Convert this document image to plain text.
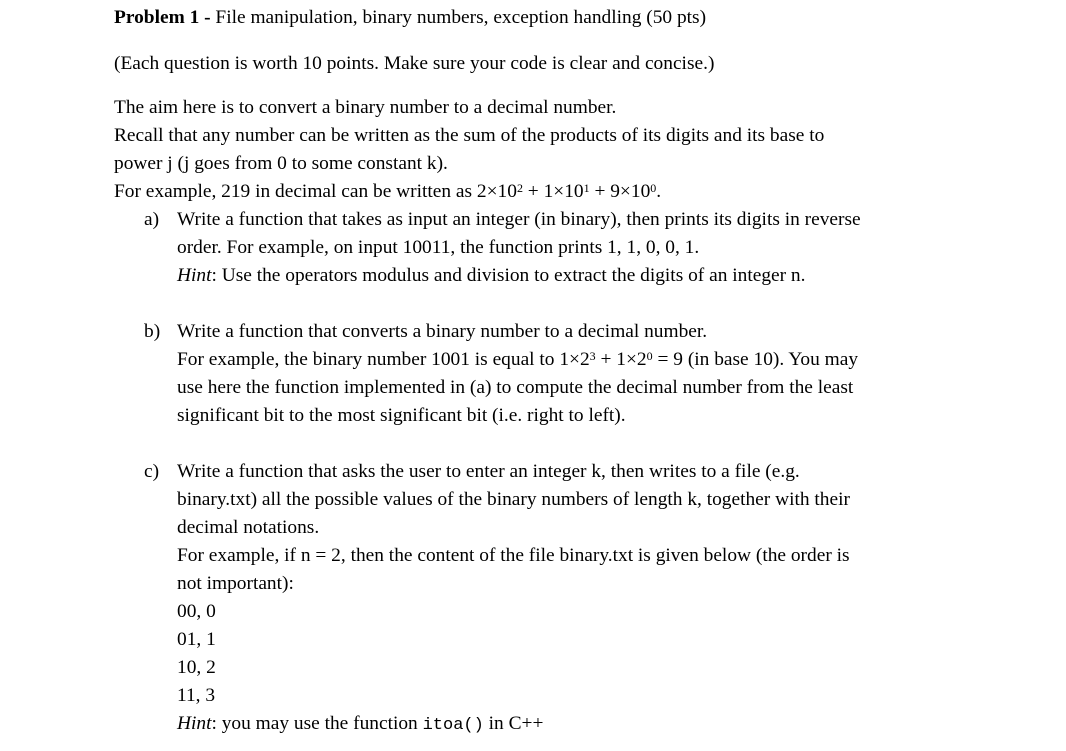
Problem 1 - File manipulation, binary numbers, exception handling (50 pts)
(Each question is worth 10 points. Make sure your code is clear and concise.)
The aim here is to convert a binary number to a decimal number.
Recall that any number can be written as the sum of the products of its digits and its base to
power j (j goes from 0 to some constant k).
For example, 219 in decimal can be written as $2\times 10^2 + 1\times 10^1 + 9\times 10^0$.
a) Write a function that takes as input an integer (in binary), then prints its digits in reverse
order. For example, on input 10011, the function prints 1, 1, 0, 0, 1.
Hint: Use the operators modulus and division to extract the digits of an integer n.
b) Write a function that converts a binary number to a decimal number.
For example, the binary number 1001 is equal to $1\times 2^3 + 1\times 2^0 = 9$ (in base 10). You may
use here the function implemented in (a) to compute the decimal number from the least
significant bit to the most significant bit (i.e. right to left).
c) Write a function that asks the user to enter an integer k, then writes to a file (e.g.
binary.txt) all the possible values of the binary numbers of length k, together with their
decimal notations.
For example, if n = 2, then the content of the file binary.txt is given below (the order is
not important):
00, 0
01, 1
10, 2
11, 3
Hint: you may use the function itoa() in C++
